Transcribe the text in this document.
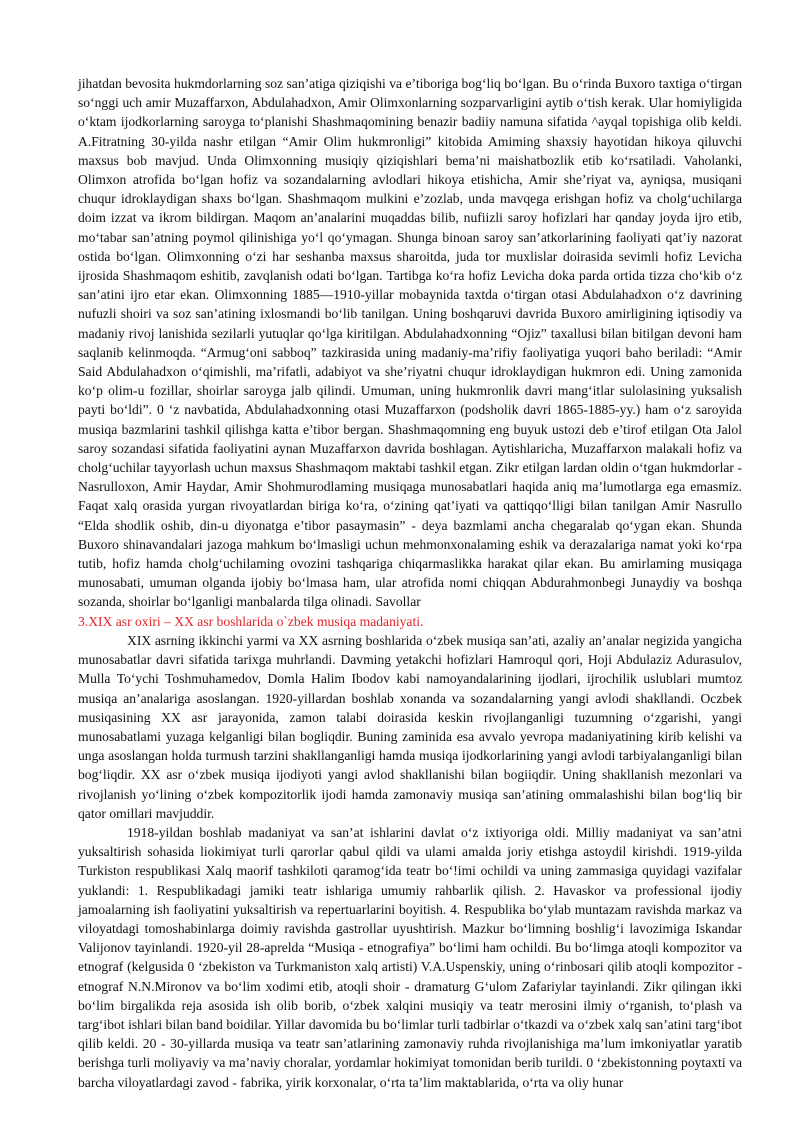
jihatdan bevosita hukmdorlarning soz san’atiga qiziqishi va e’tiboriga bog‘liq bo‘lgan. Bu o‘rinda Buxoro taxtiga o‘tirgan so‘nggi uch amir Muzaffarxon, Abdulahadxon, Amir Olimxonlarning sozparvarligini aytib o‘tish kerak. Ular homiyligida o‘ktam ijodkorlarning saroyga to‘planishi Shashmaqomining benazir badiiy namuna sifatida ^ayqal topishiga olib keldi. A.Fitratning 30-yilda nashr etilgan “Amir Olim hukmronligi” kitobida Amiming shaxsiy hayotidan hikoya qiluvchi maxsus bob mavjud. Unda Olimxonning musiqiy qiziqishlari bema’ni maishatbozlik etib ko‘rsatiladi. Vaholanki, Olimxon atrofida bo‘lgan hofiz va sozandalarning avlodlari hikoya etishicha, Amir she’riyat va, ayniqsa, musiqani chuqur idroklaydigan shaxs bo‘lgan. Shashmaqom mulkini e’zozlab, unda mavqega erishgan hofiz va cholg‘uchilarga doim izzat va ikrom bildirgan. Maqom an’analarini muqaddas bilib, nufiizli saroy hofizlari har qanday joyda ijro etib, mo‘tabar san’atning poymol qilinishiga yo‘l qo‘ymagan. Shunga binoan saroy san’atkorlarining faoliyati qat’iy nazorat ostida bo‘lgan. Olimxonning o‘zi har seshanba maxsus sharoitda, juda tor muxlislar doirasida sevimli hofiz Levicha ijrosida Shashmaqom eshitib, zavqlanish odati bo‘lgan. Tartibga ko‘ra hofiz Levicha doka parda ortida tizza cho‘kib o‘z san’atini ijro etar ekan. Olimxonning 1885—1910-yillar mobaynida taxtda o‘tirgan otasi Abdulahadxon o‘z davrining nufuzli shoiri va soz san’atining ixlosmandi bo‘lib tanilgan. Uning boshqaruvi davrida Buxoro amirligining iqtisodiy va madaniy rivoj lanishida sezilarli yutuqlar qo‘lga kiritilgan. Abdulahadxonning “Ojiz” taxallusi bilan bitilgan devoni ham saqlanib kelinmoqda. “Armug‘oni sabboq” tazkirasida uning madaniy-ma’rifiy faoliyatiga yuqori baho beriladi: “Amir Said Abdulahadxon o‘qimishli, ma’rifatli, adabiyot va she’riyatni chuqur idroklaydigan hukmron edi. Uning zamonida ko‘p olim-u fozillar, shoirlar saroyga jalb qilindi. Umuman, uning hukmronlik davri mang‘itlar sulolasining yuksalish payti bo‘ldi”. 0 ‘z navbatida, Abdulahadxonning otasi Muzaffarxon (podsholik davri 1865-1885-yy.) ham o‘z saroyida musiqa bazmlarini tashkil qilishga katta e’tibor bergan. Shashmaqomning eng buyuk ustozi deb e’tirof etilgan Ota Jalol saroy sozandasi sifatida faoliyatini aynan Muzaffarxon davrida boshlagan. Aytishlaricha, Muzaffarxon malakali hofiz va cholg‘uchilar tayyorlash uchun maxsus Shashmaqom maktabi tashkil etgan. Zikr etilgan lardan oldin o‘tgan hukmdorlar - Nasrulloxon, Amir Haydar, Amir Shohmurodlaming musiqaga munosabatlari haqida aniq ma’lumotlarga ega emasmiz. Faqat xalq orasida yurgan rivoyatlardan biriga ko‘ra, o‘zining qat’iyati va qattiqqo‘lligi bilan tanilgan Amir Nasrullo “Elda shodlik oshib, din-u diyonatga e’tibor pasaymasin” - deya bazmlami ancha chegaralab qo‘ygan ekan. Shunda Buxoro shinavandalari jazoga mahkum bo‘lmasligi uchun mehmonxonalaming eshik va derazalariga namat yoki ko‘rpa tutib, hofiz hamda cholg‘uchilaming ovozini tashqariga chiqarmaslikka harakat qilar ekan. Bu amirlaming musiqaga munosabati, umuman olganda ijobiy bo‘lmasa ham, ular atrofida nomi chiqqan Abdurahmonbegi Junaydiy va boshqa sozanda, shoirlar bo‘lganligi manbalarda tilga olinadi. Savollar

3.XIX asr oxiri – XX asr boshlarida o`zbek musiqa madaniyati.

XIX asrning ikkinchi yarmi va XX asrning boshlarida o‘zbek musiqa san’ati, azaliy an’analar negizida yangicha munosabatlar davri sifatida tarixga muhrlandi. Davming yetakchi hofizlari Hamroqul qori, Hoji Abdulaziz Adurasulov, Mulla To‘ychi Toshmuhamedov, Domla Halim Ibodov kabi namoyandalarining ijodlari, ijrochilik uslublari mumtoz musiqa an’analariga asoslangan. 1920-yillardan boshlab xonanda va sozandalarning yangi avlodi shakllandi. Oczbek musiqasining XX asr jarayonida, zamon talabi doirasida keskin rivojlanganligi tuzumning o‘zgarishi, yangi munosabatlami yuzaga kelganligi bilan bogliqdir. Buning zaminida esa avvalo yevropa madaniyatining kirib kelishi va unga asoslangan holda turmush tarzini shakllanganligi hamda musiqa ijodkorlarining yangi avlodi tarbiyalanganligi bilan bog‘liqdir. XX asr o‘zbek musiqa ijodiyoti yangi avlod shakllanishi bilan bogiiqdir. Uning shakllanish mezonlari va rivojlanish yo‘lining o‘zbek kompozitorlik ijodi hamda zamonaviy musiqa san’atining ommalashishi bilan bog‘liq bir qator omillari mavjuddir.

1918-yildan boshlab madaniyat va san’at ishlarini davlat o‘z ixtiyoriga oldi. Milliy madaniyat va san’atni yuksaltirish sohasida liokimiyat turli qarorlar qabul qildi va ulami amalda joriy etishga astoydil kirishdi. 1919-yilda Turkiston respublikasi Xalq maorif tashkiloti qaramog‘ida teatr bo‘!imi ochildi va uning zammasiga quyidagi vazifalar yuklandi: 1. Respublikadagi jamiki teatr ishlariga umumiy rahbarlik qilish. 2. Havaskor va professional ijodiy jamoalarning ish faoliyatini yuksaltirish va repertuarlarini boyitish. 4. Respublika bo‘ylab muntazam ravishda markaz va viloyatdagi tomoshabinlarga doimiy ravishda gastrollar uyushtirish. Mazkur bo‘limning boshlig‘i lavozimiga Iskandar Valijonov tayinlandi. 1920-yil 28-aprelda “Musiqa - etnografiya” bo‘limi ham ochildi. Bu bo‘limga atoqli kompozitor va etnograf (kelgusida 0 ‘zbekiston va Turkmaniston xalq artisti) V.A.Uspenskiy, uning o‘rinbosari qilib atoqli kompozitor - etnograf N.N.Mironov va bo‘lim xodimi etib, atoqli shoir - dramaturg G‘ulom Zafariylar tayinlandi. Zikr qilingan ikki bo‘lim birgalikda reja asosida ish olib borib, o‘zbek xalqini musiqiy va teatr merosini ilmiy o‘rganish, to‘plash va targ‘ibot ishlari bilan band boidilar. Yillar davomida bu bo‘limlar turli tadbirlar o‘tkazdi va o‘zbek xalq san’atini targ‘ibot qilib keldi. 20 - 30-yillarda musiqa va teatr san’atlarining zamonaviy ruhda rivojlanishiga ma’lum imkoniyatlar yaratib berishga turli moliyaviy va ma’naviy choralar, yordamlar hokimiyat tomonidan berib turildi. 0 ‘zbekistonning poytaxti va barcha viloyatlardagi zavod - fabrika, yirik korxonalar, o‘rta ta’lim maktablarida, o‘rta va oliy hunar
